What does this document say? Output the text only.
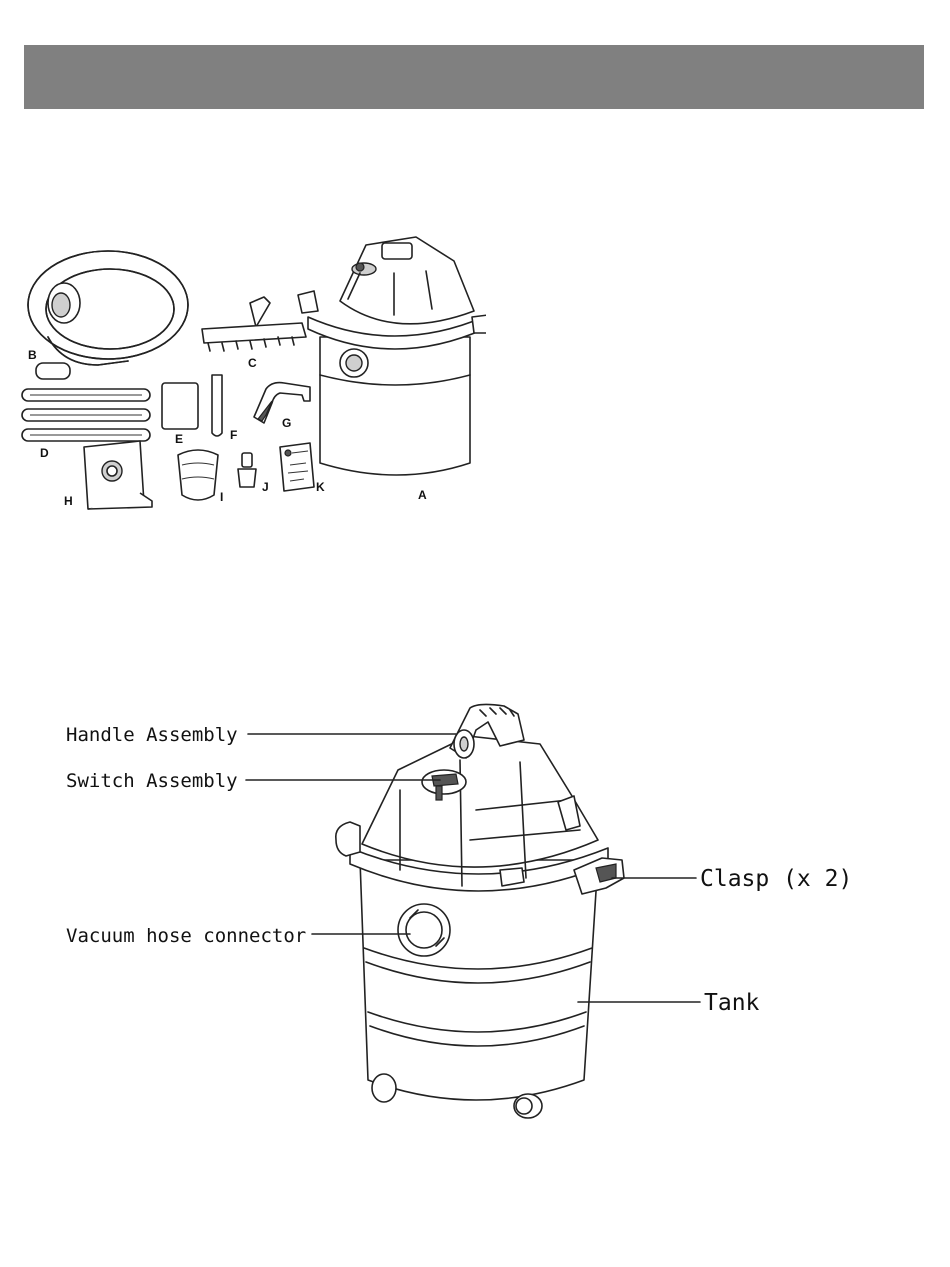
B
C
D
E	F
G
H	I
J	K
A
Handle Assembly
Switch Assembly
Vacuum hose connector
Clasp (x 2)
Tank
